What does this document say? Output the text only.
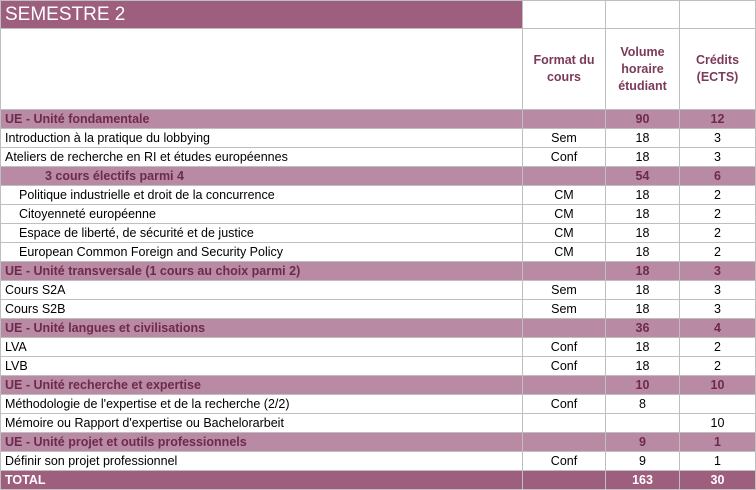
SEMESTRE 2			
	Format du cours	Volume horaire étudiant	Crédits (ECTS)
UE - Unité fondamentale		90	12
Introduction à la pratique du lobbying	Sem	18	3
Ateliers de recherche en RI et études européennes	Conf	18	3
3 cours électifs parmi 4		54	6
Politique industrielle et droit de la concurrence	CM	18	2
Citoyenneté européenne	CM	18	2
Espace de liberté, de sécurité et de justice	CM	18	2
European Common Foreign and Security Policy	CM	18	2
UE - Unité transversale (1 cours au choix parmi 2)		18	3
Cours S2A	Sem	18	3
Cours S2B	Sem	18	3
UE - Unité langues et civilisations		36	4
LVA	Conf	18	2
LVB	Conf	18	2
UE - Unité recherche et expertise		10	10
Méthodologie de l'expertise et de la recherche (2/2)	Conf	8	
Mémoire ou Rapport d'expertise ou Bachelorarbeit			10
UE - Unité projet et outils professionnels		9	1
Définir son projet professionnel	Conf	9	1
TOTAL		163	30
